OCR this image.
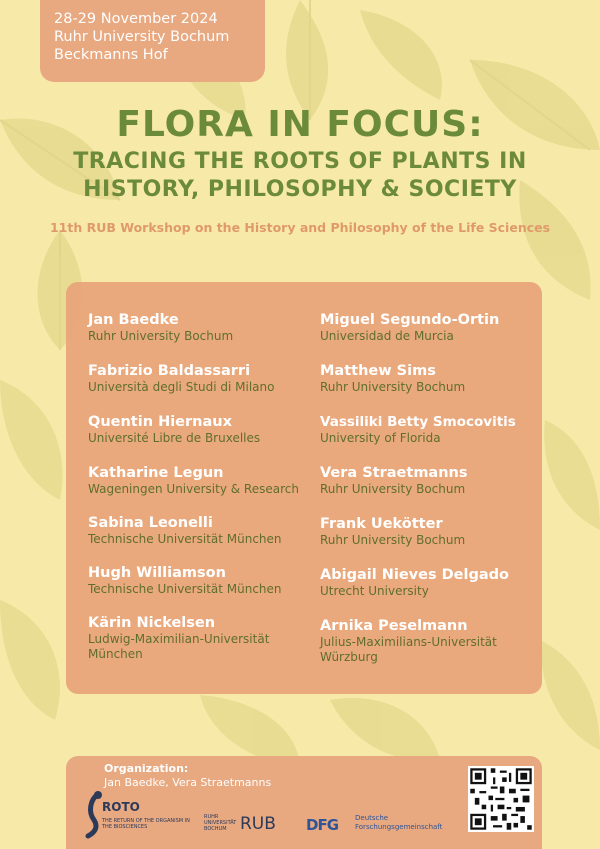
28-29 November 2024
Ruhr University Bochum
Beckmanns Hof
FLORA IN FOCUS:
TRACING THE ROOTS OF PLANTS IN
HISTORY, PHILOSOPHY & SOCIETY
11th RUB Workshop on the History and Philosophy of the Life Sciences
Jan Baedke
Ruhr University Bochum
Fabrizio Baldassarri
Università degli Studi di Milano
Quentin Hiernaux
Université Libre de Bruxelles
Katharine Legun
Wageningen University & Research
Sabina Leonelli
Technische Universität München
Hugh Williamson
Technische Universität München
Kärin Nickelsen
Ludwig-Maximilian-Universität München
Miguel Segundo-Ortin
Universidad de Murcia
Matthew Sims
Ruhr University Bochum
Vassiliki Betty Smocovitis
University of Florida
Vera Straetmanns
Ruhr University Bochum
Frank Uekötter
Ruhr University Bochum
Abigail Nieves Delgado
Utrecht University
Arnika Peselmann
Julius-Maximilians-Universität Würzburg
Organization:
Jan Baedke, Vera Straetmanns
ROTO
THE RETURN OF THE ORGANISM IN THE BIOSCIENCES
RUHR UNIVERSITÄT BOCHUM RUB DFG Deutsche Forschungsgemeinschaft
